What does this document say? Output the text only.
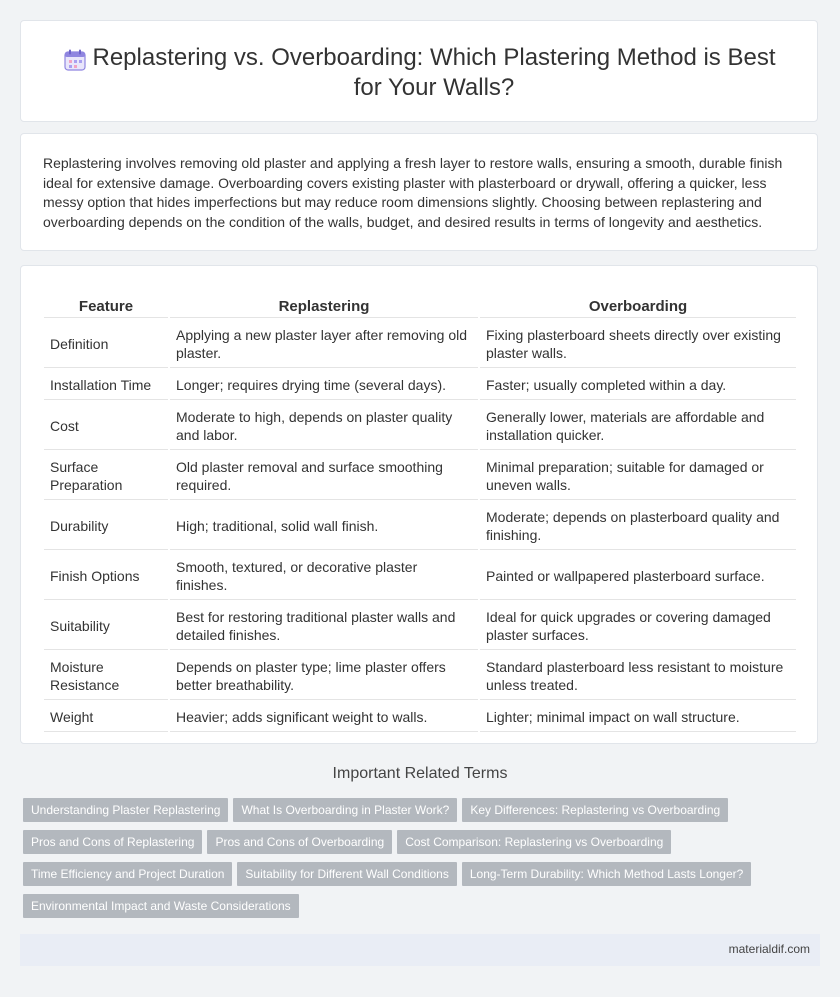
Replastering vs. Overboarding: Which Plastering Method is Best for Your Walls?

Replastering involves removing old plaster and applying a fresh layer to restore walls, ensuring a smooth, durable finish ideal for extensive damage. Overboarding covers existing plaster with plasterboard or drywall, offering a quicker, less messy option that hides imperfections but may reduce room dimensions slightly. Choosing between replastering and overboarding depends on the condition of the walls, budget, and desired results in terms of longevity and aesthetics.

Feature	Replastering	Overboarding
Definition	Applying a new plaster layer after removing old plaster.	Fixing plasterboard sheets directly over existing plaster walls.
Installation Time	Longer; requires drying time (several days).	Faster; usually completed within a day.
Cost	Moderate to high, depends on plaster quality and labor.	Generally lower, materials are affordable and installation quicker.
Surface Preparation	Old plaster removal and surface smoothing required.	Minimal preparation; suitable for damaged or uneven walls.
Durability	High; traditional, solid wall finish.	Moderate; depends on plasterboard quality and finishing.
Finish Options	Smooth, textured, or decorative plaster finishes.	Painted or wallpapered plasterboard surface.
Suitability	Best for restoring traditional plaster walls and detailed finishes.	Ideal for quick upgrades or covering damaged plaster surfaces.
Moisture Resistance	Depends on plaster type; lime plaster offers better breathability.	Standard plasterboard less resistant to moisture unless treated.
Weight	Heavier; adds significant weight to walls.	Lighter; minimal impact on wall structure.
Important Related Terms
Understanding Plaster Replastering What Is Overboarding in Plaster Work? Key Differences: Replastering vs OverboardingPros and Cons of Replastering Pros and Cons of Overboarding Cost Comparison: Replastering vs OverboardingTime Efficiency and Project Duration Suitability for Different Wall Conditions Long-Term Durability: Which Method Lasts Longer?Environmental Impact and Waste Considerations
materialdif.com
